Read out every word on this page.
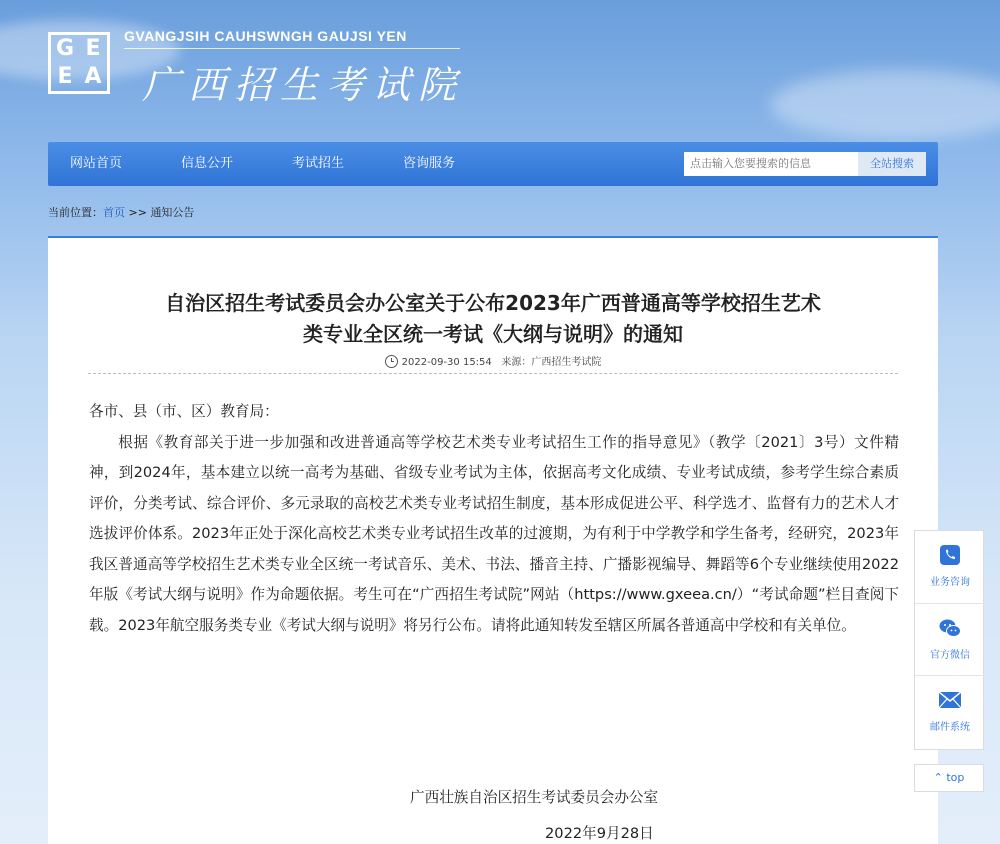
G E
E A
GVANGJSIH CAUHSWNGH GAUJSI YEN
广西招生考试院
网站首页	信息公开	考试招生	咨询服务
点击输入您要搜索的信息	全站搜索
当前位置：首页 >> 通知公告
自治区招生考试委员会办公室关于公布2023年广西普通高等学校招生艺术
类专业全区统一考试《大纲与说明》的通知
2022-09-30 15:54 来源：广西招生考试院

各市、县（市、区）教育局：

根据《教育部关于进一步加强和改进普通高等学校艺术类专业考试招生工作的指导意见》（教学〔2021〕3号）文件精神，到2024年，基本建立以统一高考为基础、省级专业考试为主体，依据高考文化成绩、专业考试成绩，参考学生综合素质评价，分类考试、综合评价、多元录取的高校艺术类专业考试招生制度，基本形成促进公平、科学选才、监督有力的艺术人才选拔评价体系。2023年正处于深化高校艺术类专业考试招生改革的过渡期，为有利于中学教学和学生备考，经研究，2023年我区普通高等学校招生艺术类专业全区统一考试音乐、美术、书法、播音主持、广播影视编导、舞蹈等6个专业继续使用2022年版《考试大纲与说明》作为命题依据。考生可在“广西招生考试院”网站（https://www.gxeea.cn/）“考试命题”栏目查阅下载。2023年航空服务类专业《考试大纲与说明》将另行公布。请将此通知转发至辖区所属各普通高中学校和有关单位。

广西壮族自治区招生考试委员会办公室
2022年9月28日
业务咨询
官方微信
邮件系统
⌃ top
